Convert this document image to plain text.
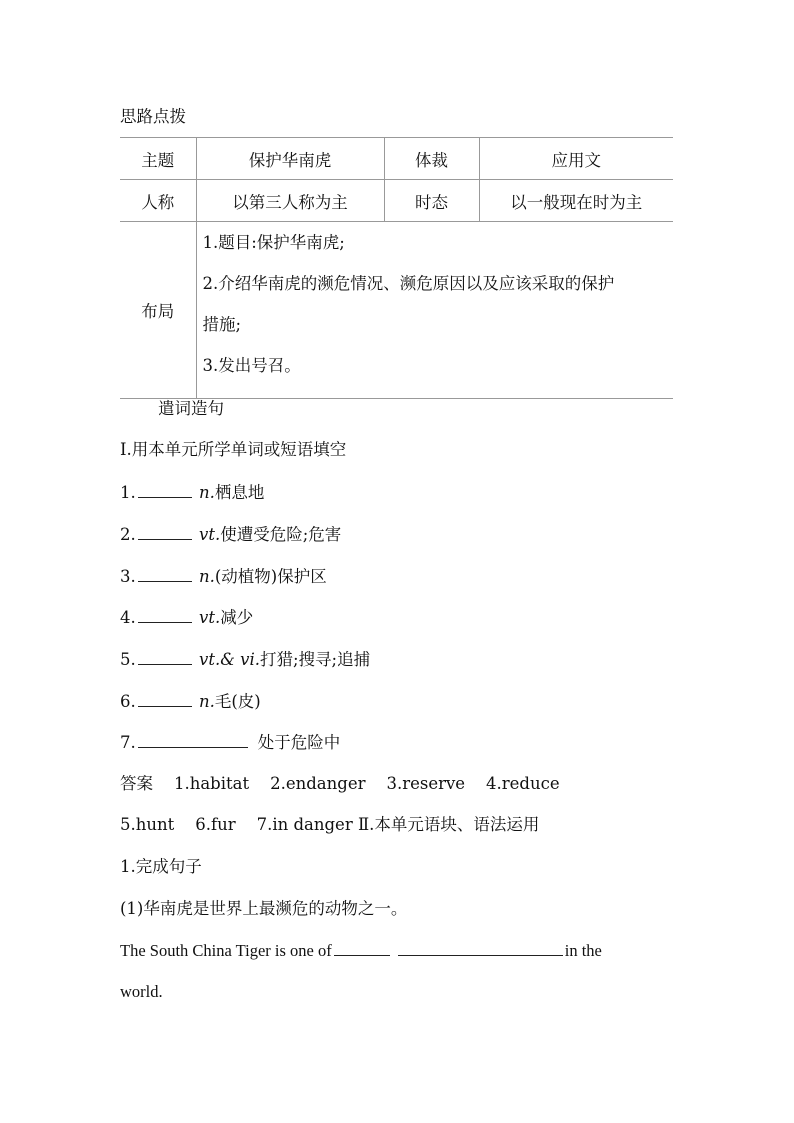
思路点拨
主题	保护华南虎	体裁	应用文
人称	以第三人称为主	时态	以一般现在时为主
布局	1.题目:保护华南虎;
2.介绍华南虎的濒危情况、濒危原因以及应该采取的保护
措施;
3.发出号召。		
遣词造句
Ⅰ.用本单元所学单词或短语填空
1.	n.栖息地
2.	vt.使遭受危险;危害
3.	n.(动植物)保护区
4.	vt.减少
5.	vt.& vi.打猎;搜寻;追捕
6.	n.毛(皮)
7.	处于危险中
答案    1.habitat    2.endanger    3.reserve    4.reduce
5.hunt    6.fur    7.in danger Ⅱ.本单元语块、语法运用
1.完成句子
(1)华南虎是世界上最濒危的动物之一。
The South China Tiger is one of	in the
world.
